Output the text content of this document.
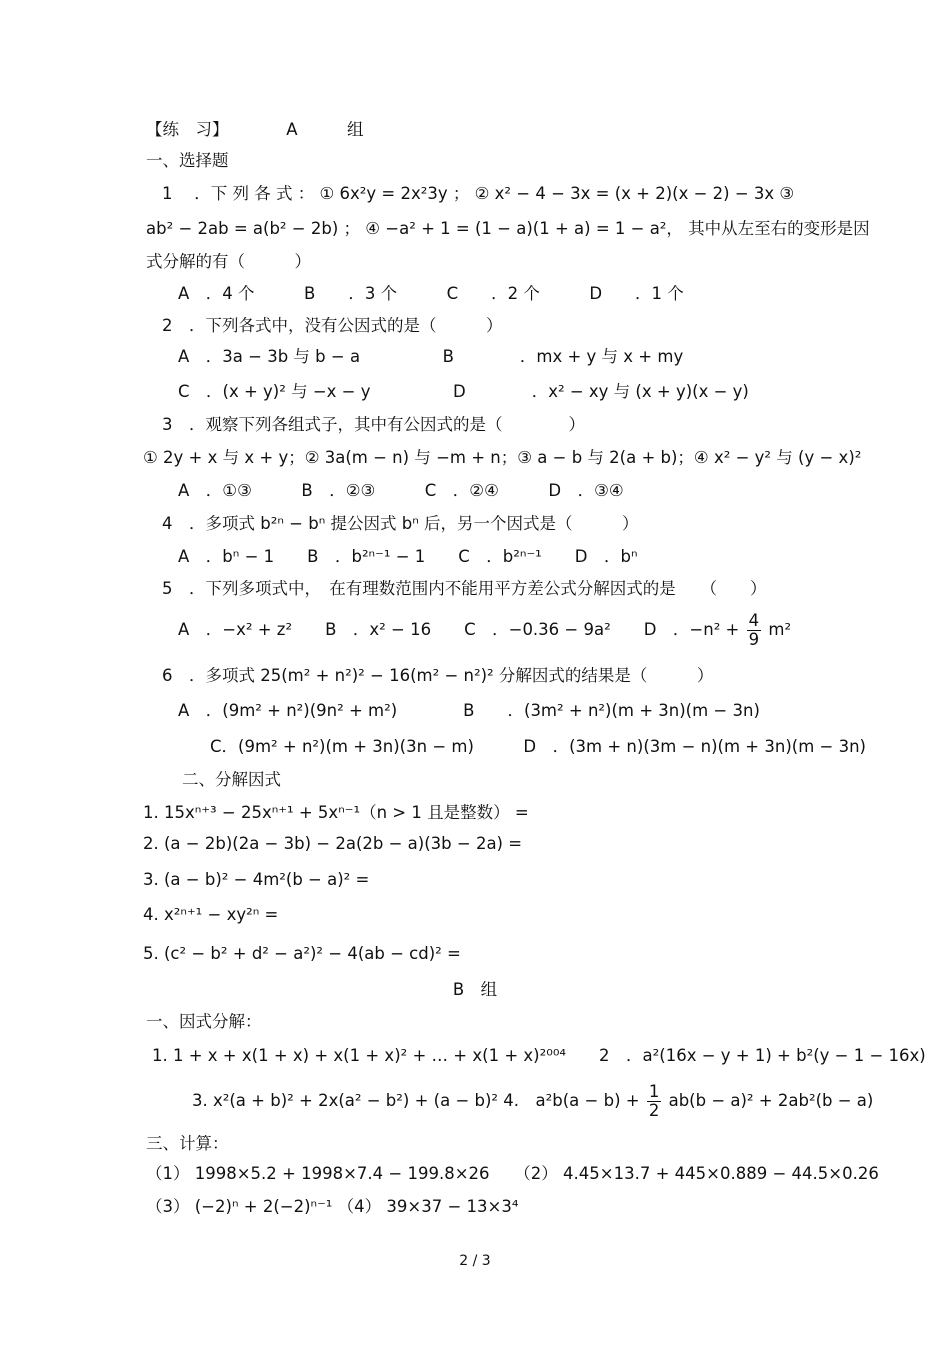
【练　习】　　　　A　　　组
一、选择题
1 　．下 列 各 式 ： ① 6x²y = 2x²3y ； ② x² − 4 − 3x = (x + 2)(x − 2) − 3x ③
ab² − 2ab = a(b² − 2b) ； ④ −a² + 1 = (1 − a)(1 + a) = 1 − a²， 其中从左至右的变形是因
式分解的有（　　　）
A　．4 个　　　B　　．3 个　　　C　　．2 个　　　D　　．1 个
2　．下列各式中，没有公因式的是（　　　）
A　．3a − 3b 与 b − a　　　　　B　　　　．mx + y 与 x + my
C　．(x + y)² 与 −x − y　　　　　D　　　　．x² − xy 与 (x + y)(x − y)
3　．观察下列各组式子，其中有公因式的是（　　　　）
① 2y + x 与 x + y；② 3a(m − n) 与 −m + n；③ a − b 与 2(a + b)；④ x² − y² 与 (y − x)²
A　．①③　　　B　．②③　　　C　．②④　　　D　．③④
4　．多项式 b²ⁿ − bⁿ 提公因式 bⁿ 后，另一个因式是（　　　）
A　．bⁿ − 1　　B　．b²ⁿ⁻¹ − 1　　C　．b²ⁿ⁻¹　　D　．bⁿ
5　．下列多项式中，　在有理数范围内不能用平方差公式分解因式的是　　（　　）
A　．−x² + z²　　B　．x² − 16　　C　．−0.36 − 9a²　　D　．$-n^2 + \frac{4}{9} m^2$
6　．多项式 25(m² + n²)² − 16(m² − n²)² 分解因式的结果是（　　　）
A　．(9m² + n²)(9n² + m²)　　　　B　　．(3m² + n²)(m + 3n)(m − 3n)
C．(9m² + n²)(m + 3n)(3n − m)　　　D　．(3m + n)(3m − n)(m + 3n)(m − 3n)
二、分解因式
1. 15xⁿ⁺³ − 25xⁿ⁺¹ + 5xⁿ⁻¹（n > 1 且是整数） =
2. (a − 2b)(2a − 3b) − 2a(2b − a)(3b − 2a) =
3. (a − b)² − 4m²(b − a)² =
4. x²ⁿ⁺¹ − xy²ⁿ =
5. (c² − b² + d² − a²)² − 4(ab − cd)² =
B　组
一、因式分解：
1. 1 + x + x(1 + x) + x(1 + x)² + … + x(1 + x)²⁰⁰⁴　　2　．a²(16x − y + 1) + b²(y − 1 − 16x)
3. x²(a + b)² + 2x(a² − b²) + (a − b)² 4.　$a^2b(a - b) + \frac{1}{2} ab(b - a)^2 + 2ab^2(b - a)$
三、计算：
（1） 1998×5.2 + 1998×7.4 − 199.8×26　　（2） 4.45×13.7 + 445×0.889 − 44.5×0.26
（3） (−2)ⁿ + 2(−2)ⁿ⁻¹ （4） 39×37 − 13×3⁴
2 / 3
